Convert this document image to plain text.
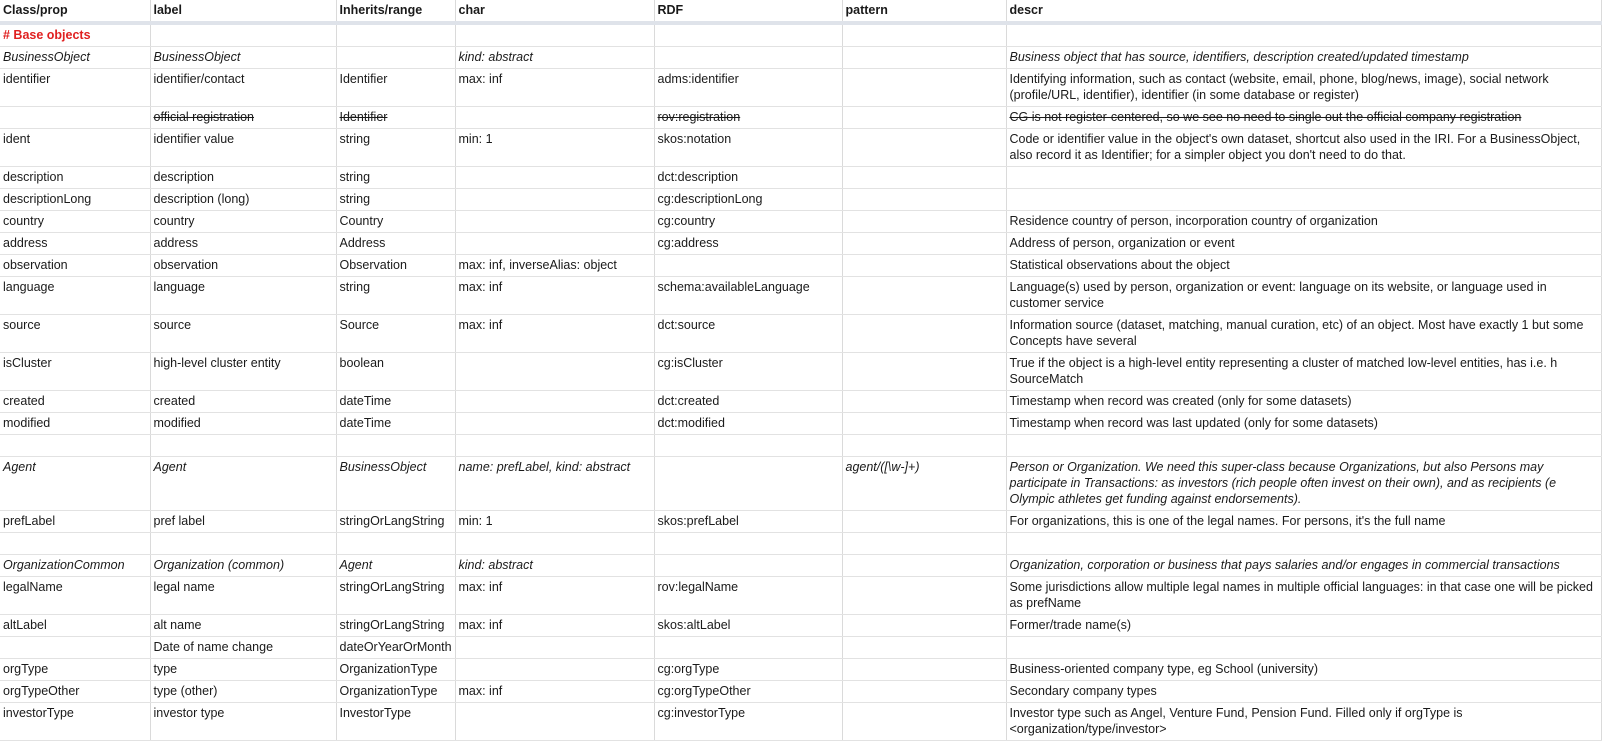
Class/prop	label	Inherits/range	char	RDF	pattern	descr
# Base objects						
BusinessObject	BusinessObject		kind: abstract			Business object that has source, identifiers, description created/updated timestamp
identifier	identifier/contact	Identifier	max: inf	adms:identifier		Identifying information, such as contact (website, email, phone, blog/news, image), social network (profile/URL, identifier), identifier (in some database or register)
	official registration	Identifier		rov:registration		CG is not register-centered, so we see no need to single out the official company registration
ident	identifier value	string	min: 1	skos:notation		Code or identifier value in the object's own dataset, shortcut also used in the IRI. For a BusinessObject, also record it as Identifier; for a simpler object you don't need to do that.
description	description	string		dct:description		
descriptionLong	description (long)	string		cg:descriptionLong		
country	country	Country		cg:country		Residence country of person, incorporation country of organization
address	address	Address		cg:address		Address of person, organization or event
observation	observation	Observation	max: inf, inverseAlias: object			Statistical observations about the object
language	language	string	max: inf	schema:availableLanguage		Language(s) used by person, organization or event: language on its website, or language used in customer service
source	source	Source	max: inf	dct:source		Information source (dataset, matching, manual curation, etc) of an object. Most have exactly 1 but some Concepts have several
isCluster	high-level cluster entity	boolean		cg:isCluster		True if the object is a high-level entity representing a cluster of matched low-level entities, has i.e. h SourceMatch
created	created	dateTime		dct:created		Timestamp when record was created (only for some datasets)
modified	modified	dateTime		dct:modified		Timestamp when record was last updated (only for some datasets)

Agent	Agent	BusinessObject	name: prefLabel, kind: abstract		agent/([\w-]+)	Person or Organization. We need this super-class because Organizations, but also Persons may participate in Transactions: as investors (rich people often invest on their own), and as recipients (e Olympic athletes get funding against endorsements).
prefLabel	pref label	stringOrLangString	min: 1	skos:prefLabel		For organizations, this is one of the legal names. For persons, it's the full name

OrganizationCommon	Organization (common)	Agent	kind: abstract			Organization, corporation or business that pays salaries and/or engages in commercial transactions
legalName	legal name	stringOrLangString	max: inf	rov:legalName		Some jurisdictions allow multiple legal names in multiple official languages: in that case one will be picked as prefName
altLabel	alt name	stringOrLangString	max: inf	skos:altLabel		Former/trade name(s)
	Date of name change	dateOrYearOrMonth				
orgType	type	OrganizationType		cg:orgType		Business-oriented company type, eg School (university)
orgTypeOther	type (other)	OrganizationType	max: inf	cg:orgTypeOther		Secondary company types
investorType	investor type	InvestorType		cg:investorType		Investor type such as Angel, Venture Fund, Pension Fund. Filled only if orgType is <organization/type/investor>
